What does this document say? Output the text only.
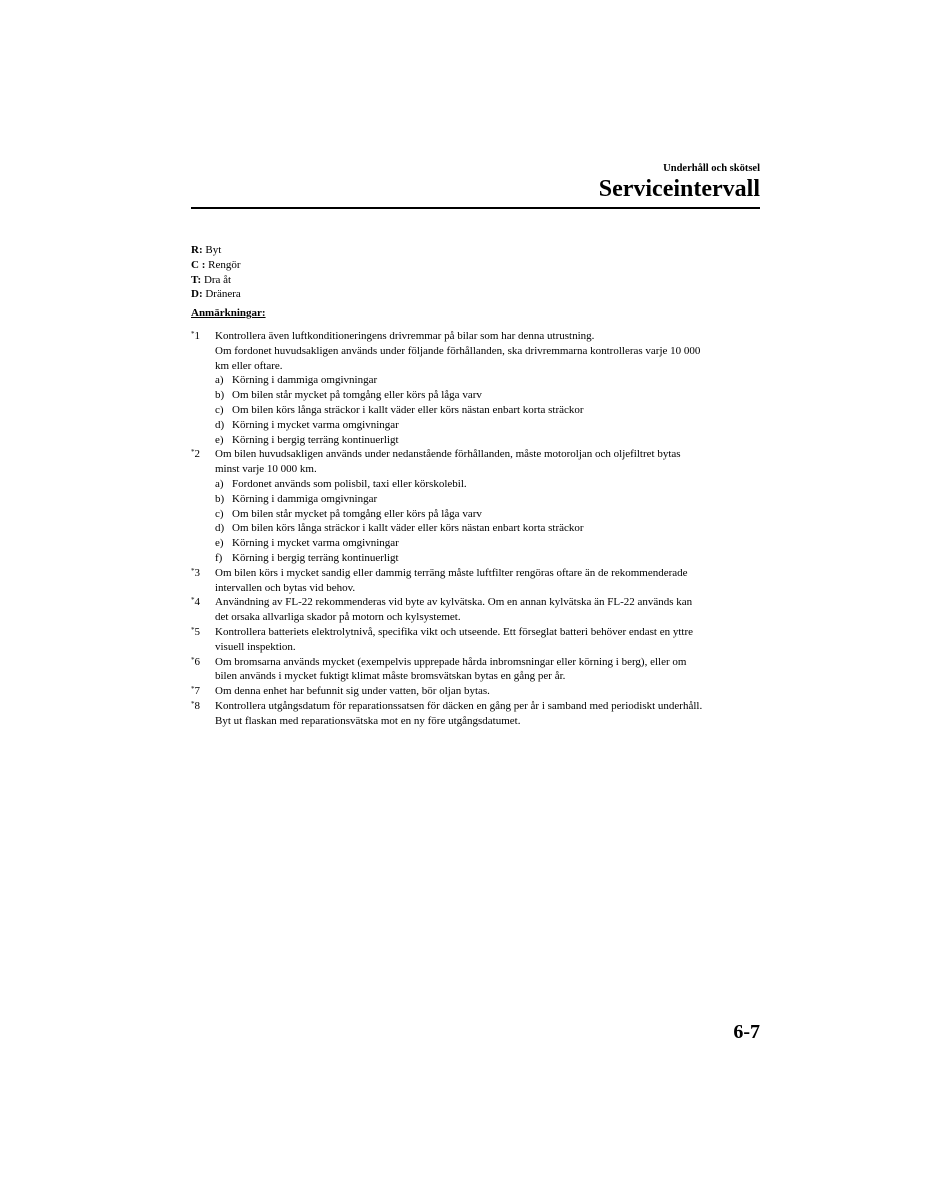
Underhåll och skötsel
Serviceintervall
R: Byt
C : Rengör
T: Dra åt
D: Dränera
Anmärkningar:
*1 Kontrollera även luftkonditioneringens drivremmar på bilar som har denna utrustning.
Om fordonet huvudsakligen används under följande förhållanden, ska drivremmarna kontrolleras varje 10 000
km eller oftare.
a) Körning i dammiga omgivningar
b) Om bilen står mycket på tomgång eller körs på låga varv
c) Om bilen körs långa sträckor i kallt väder eller körs nästan enbart korta sträckor
d) Körning i mycket varma omgivningar
e) Körning i bergig terräng kontinuerligt
*2 Om bilen huvudsakligen används under nedanstående förhållanden, måste motoroljan och oljefiltret bytas
minst varje 10 000 km.
a) Fordonet används som polisbil, taxi eller körskolebil.
b) Körning i dammiga omgivningar
c) Om bilen står mycket på tomgång eller körs på låga varv
d) Om bilen körs långa sträckor i kallt väder eller körs nästan enbart korta sträckor
e) Körning i mycket varma omgivningar
f) Körning i bergig terräng kontinuerligt
*3 Om bilen körs i mycket sandig eller dammig terräng måste luftfilter rengöras oftare än de rekommenderade
intervallen och bytas vid behov.
*4 Användning av FL-22 rekommenderas vid byte av kylvätska. Om en annan kylvätska än FL-22 används kan
det orsaka allvarliga skador på motorn och kylsystemet.
*5 Kontrollera batteriets elektrolytnivå, specifika vikt och utseende. Ett förseglat batteri behöver endast en yttre
visuell inspektion.
*6 Om bromsarna används mycket (exempelvis upprepade hårda inbromsningar eller körning i berg), eller om
bilen används i mycket fuktigt klimat måste bromsvätskan bytas en gång per år.
*7 Om denna enhet har befunnit sig under vatten, bör oljan bytas.
*8 Kontrollera utgångsdatum för reparationssatsen för däcken en gång per år i samband med periodiskt underhåll.
Byt ut flaskan med reparationsvätska mot en ny före utgångsdatumet.
6-7
